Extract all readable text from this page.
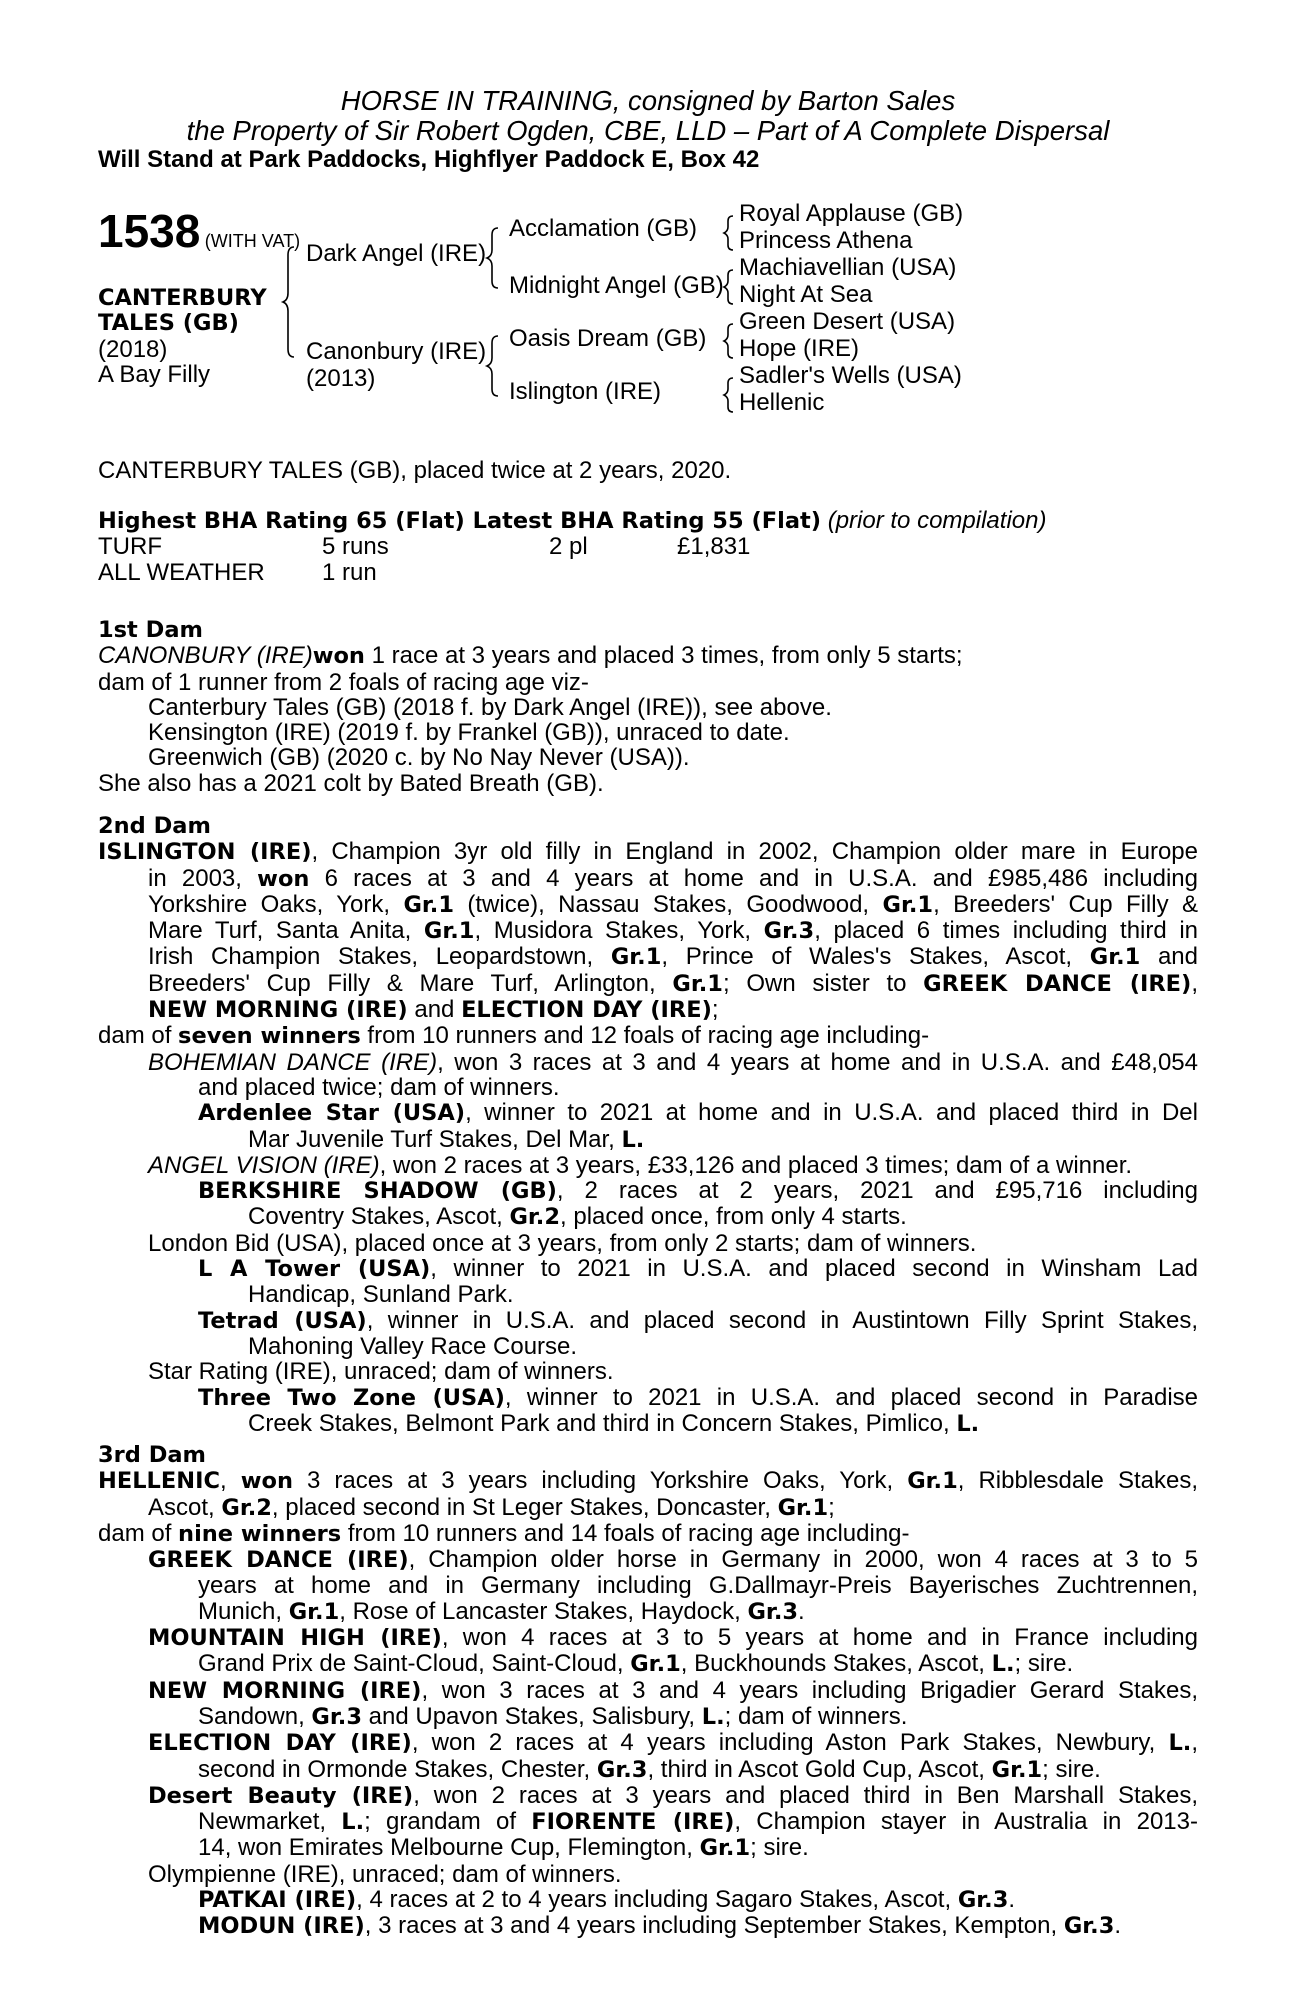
HORSE IN TRAINING, consigned by Barton Sales
the Property of Sir Robert Ogden, CBE, LLD – Part of A Complete Dispersal
Will Stand at Park Paddocks, Highflyer Paddock E, Box 42
1538 (WITH VAT)
CANTERBURY
TALES (GB)
(2018)
A Bay Filly
Dark Angel (IRE)
Canonbury (IRE)
(2013)
Acclamation (GB)
Midnight Angel (GB)
Oasis Dream (GB)
Islington (IRE)
Royal Applause (GB)
Princess Athena
Machiavellian (USA)
Night At Sea
Green Desert (USA)
Hope (IRE)
Sadler's Wells (USA)
Hellenic
CANTERBURY TALES (GB), placed twice at 2 years, 2020.
Highest BHA Rating 65 (Flat) Latest BHA Rating 55 (Flat) (prior to compilation)
TURF	5 runs	2 pl	£1,831
ALL WEATHER	1 run
1st Dam
CANONBURY (IRE)won 1 race at 3 years and placed 3 times, from only 5 starts;
dam of 1 runner from 2 foals of racing age viz-
Canterbury Tales (GB) (2018 f. by Dark Angel (IRE)), see above.
Kensington (IRE) (2019 f. by Frankel (GB)), unraced to date.
Greenwich (GB) (2020 c. by No Nay Never (USA)).
She also has a 2021 colt by Bated Breath (GB).
2nd Dam
ISLINGTON (IRE), Champion 3yr old filly in England in 2002, Champion older mare in Europe
in 2003, won 6 races at 3 and 4 years at home and in U.S.A. and £985,486 including
Yorkshire Oaks, York, Gr.1 (twice), Nassau Stakes, Goodwood, Gr.1, Breeders' Cup Filly &
Mare Turf, Santa Anita, Gr.1, Musidora Stakes, York, Gr.3, placed 6 times including third in
Irish Champion Stakes, Leopardstown, Gr.1, Prince of Wales's Stakes, Ascot, Gr.1 and
Breeders' Cup Filly & Mare Turf, Arlington, Gr.1; Own sister to GREEK DANCE (IRE),
NEW MORNING (IRE) and ELECTION DAY (IRE);
dam of seven winners from 10 runners and 12 foals of racing age including-
BOHEMIAN DANCE (IRE), won 3 races at 3 and 4 years at home and in U.S.A. and £48,054
and placed twice; dam of winners.
Ardenlee Star (USA), winner to 2021 at home and in U.S.A. and placed third in Del
Mar Juvenile Turf Stakes, Del Mar, L.
ANGEL VISION (IRE), won 2 races at 3 years, £33,126 and placed 3 times; dam of a winner.
BERKSHIRE SHADOW (GB), 2 races at 2 years, 2021 and £95,716 including
Coventry Stakes, Ascot, Gr.2, placed once, from only 4 starts.
London Bid (USA), placed once at 3 years, from only 2 starts; dam of winners.
L A Tower (USA), winner to 2021 in U.S.A. and placed second in Winsham Lad
Handicap, Sunland Park.
Tetrad (USA), winner in U.S.A. and placed second in Austintown Filly Sprint Stakes,
Mahoning Valley Race Course.
Star Rating (IRE), unraced; dam of winners.
Three Two Zone (USA), winner to 2021 in U.S.A. and placed second in Paradise
Creek Stakes, Belmont Park and third in Concern Stakes, Pimlico, L.
3rd Dam
HELLENIC, won 3 races at 3 years including Yorkshire Oaks, York, Gr.1, Ribblesdale Stakes,
Ascot, Gr.2, placed second in St Leger Stakes, Doncaster, Gr.1;
dam of nine winners from 10 runners and 14 foals of racing age including-
GREEK DANCE (IRE), Champion older horse in Germany in 2000, won 4 races at 3 to 5
years at home and in Germany including G.Dallmayr-Preis Bayerisches Zuchtrennen,
Munich, Gr.1, Rose of Lancaster Stakes, Haydock, Gr.3.
MOUNTAIN HIGH (IRE), won 4 races at 3 to 5 years at home and in France including
Grand Prix de Saint-Cloud, Saint-Cloud, Gr.1, Buckhounds Stakes, Ascot, L.; sire.
NEW MORNING (IRE), won 3 races at 3 and 4 years including Brigadier Gerard Stakes,
Sandown, Gr.3 and Upavon Stakes, Salisbury, L.; dam of winners.
ELECTION DAY (IRE), won 2 races at 4 years including Aston Park Stakes, Newbury, L.,
second in Ormonde Stakes, Chester, Gr.3, third in Ascot Gold Cup, Ascot, Gr.1; sire.
Desert Beauty (IRE), won 2 races at 3 years and placed third in Ben Marshall Stakes,
Newmarket, L.; grandam of FIORENTE (IRE), Champion stayer in Australia in 2013-
14, won Emirates Melbourne Cup, Flemington, Gr.1; sire.
Olympienne (IRE), unraced; dam of winners.
PATKAI (IRE), 4 races at 2 to 4 years including Sagaro Stakes, Ascot, Gr.3.
MODUN (IRE), 3 races at 3 and 4 years including September Stakes, Kempton, Gr.3.
